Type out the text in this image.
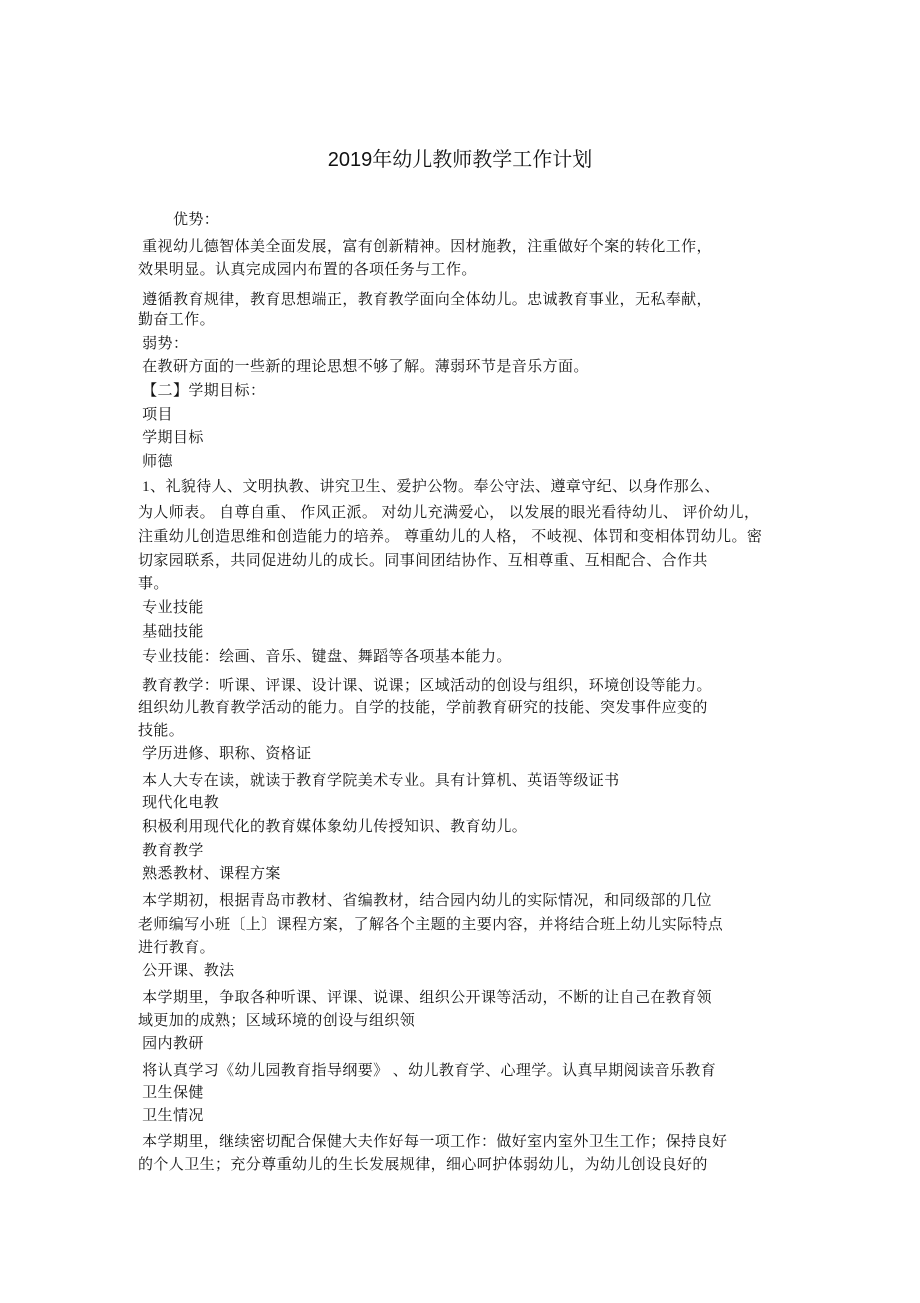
2019年幼儿教师教学工作计划
优势：
重视幼儿德智体美全面发展，富有创新精神。因材施教，注重做好个案的转化工作，
效果明显。认真完成园内布置的各项任务与工作。
遵循教育规律，教育思想端正，教育教学面向全体幼儿。忠诚教育事业，无私奉献，
勤奋工作。
弱势：
在教研方面的一些新的理论思想不够了解。薄弱环节是音乐方面。
【二】学期目标：
项目
学期目标
师德
1、礼貌待人、文明执教、讲究卫生、爱护公物。奉公守法、遵章守纪、以身作那么、
为人师表。 自尊自重、 作风正派。 对幼儿充满爱心， 以发展的眼光看待幼儿、 评价幼儿，
注重幼儿创造思维和创造能力的培养。 尊重幼儿的人格， 不岐视、体罚和变相体罚幼儿。密
切家园联系，共同促进幼儿的成长。同事间团结协作、互相尊重、互相配合、合作共
事。
专业技能
基础技能
专业技能：绘画、音乐、键盘、舞蹈等各项基本能力。
教育教学：听课、评课、设计课、说课；区域活动的创设与组织，环境创设等能力。
组织幼儿教育教学活动的能力。自学的技能，学前教育研究的技能、突发事件应变的
技能。
学历进修、职称、资格证
本人大专在读，就读于教育学院美术专业。具有计算机、英语等级证书
现代化电教
积极利用现代化的教育媒体象幼儿传授知识、教育幼儿。
教育教学
熟悉教材、课程方案
本学期初，根据青岛市教材、省编教材，结合园内幼儿的实际情况，和同级部的几位
老师编写小班〔上〕课程方案，了解各个主题的主要内容，并将结合班上幼儿实际特点
进行教育。
公开课、教法
本学期里，争取各种听课、评课、说课、组织公开课等活动，不断的让自己在教育领
域更加的成熟；区域环境的创设与组织领
园内教研
将认真学习《幼儿园教育指导纲要》 、幼儿教育学、心理学。认真早期阅读音乐教育
卫生保健
卫生情况
本学期里，继续密切配合保健大夫作好每一项工作：做好室内室外卫生工作；保持良好
的个人卫生；充分尊重幼儿的生长发展规律，细心呵护体弱幼儿，为幼儿创设良好的
